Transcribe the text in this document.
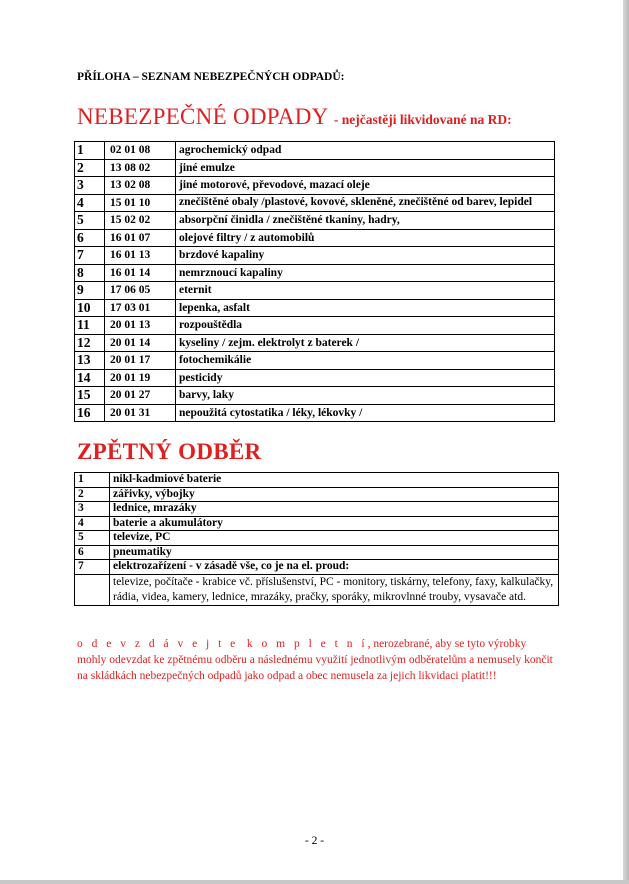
PŘÍLOHA – SEZNAM NEBEZPEČNÝCH ODPADŮ:
NEBEZPEČNÉ ODPADY - nejčastěji likvidované na RD:
1	02 01 08	agrochemický odpad
2	13 08 02	jiné emulze
3	13 02 08	jiné motorové, převodové, mazací oleje
4	15 01 10	znečištěné obaly /plastové, kovové, skleněné, znečištěné od barev, lepidel
5	15 02 02	absorpční činidla / znečištěné tkaniny, hadry,
6	16 01 07	olejové filtry / z automobilů
7	16 01 13	brzdové kapaliny
8	16 01 14	nemrznoucí kapaliny
9	17 06 05	eternit
10	17 03 01	lepenka, asfalt
11	20 01 13	rozpouštědla
12	20 01 14	kyseliny / zejm. elektrolyt z baterek /
13	20 01 17	fotochemikálie
14	20 01 19	pesticidy
15	20 01 27	barvy, laky
16	20 01 31	nepoužitá cytostatika / léky, lékovky /
ZPĚTNÝ ODBĚR
1	nikl-kadmiové baterie
2	zářivky, výbojky
3	lednice, mrazáky
4	baterie a akumulátory
5	televize, PC
6	pneumatiky
7	elektrozařízení - v zásadě vše, co je na el. proud:
	televize, počítače - krabice vč. příslušenství, PC - monitory, tiskárny, telefony, faxy, kalkulačky, rádia, videa, kamery, lednice, mrazáky, pračky, sporáky, mikrovlnné trouby, vysavače atd.
o d e v z d á v e j t e k o m p l e t n í, nerozebrané, aby se tyto výrobky mohly odevzdat ke zpětnému odběru a následnému využití jednotlivým odběratelům a nemusely končit na skládkách nebezpečných odpadů jako odpad a obec nemusela za jejich likvidaci platit!!!
- 2 -
